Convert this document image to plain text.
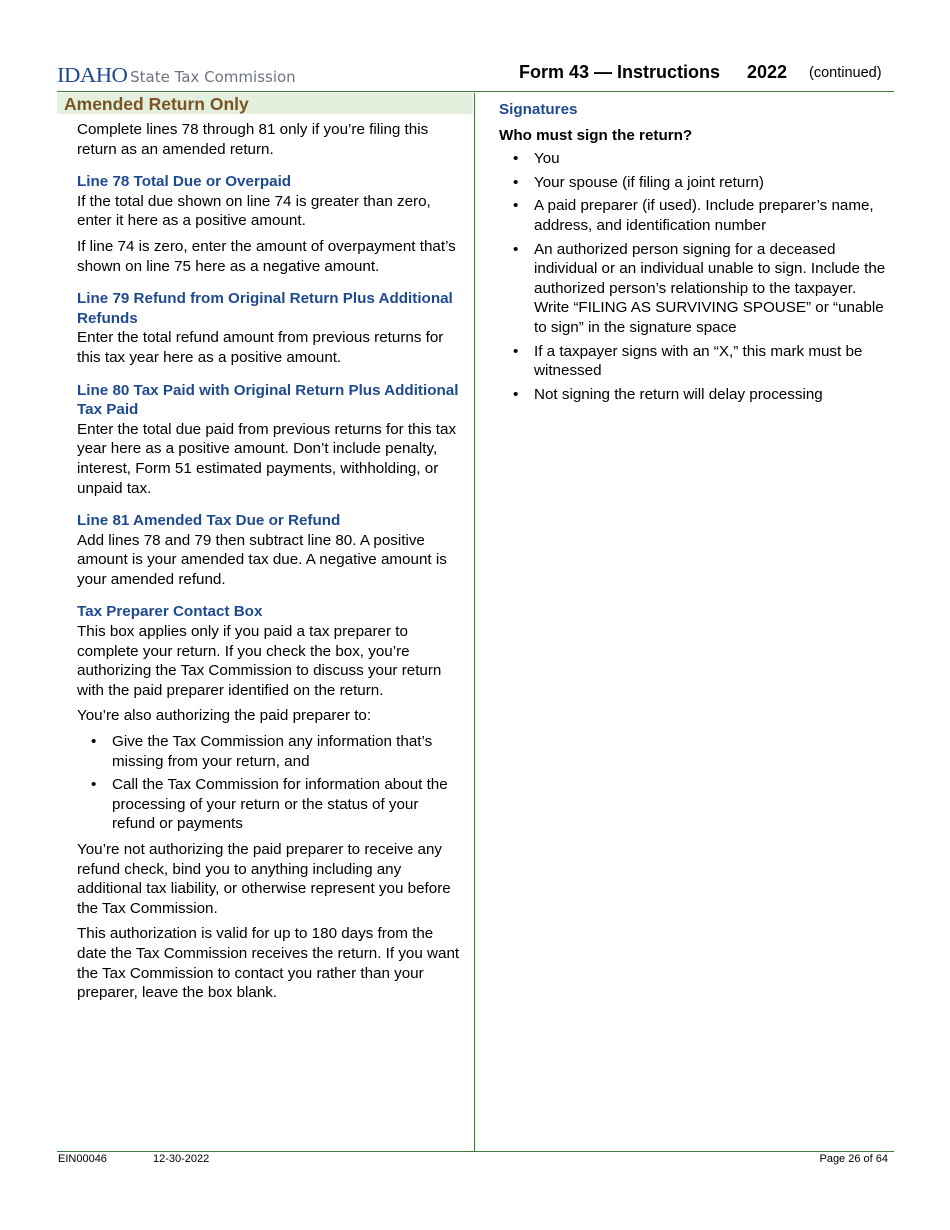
IDAHO State Tax Commission	Form 43 — Instructions 2022 (continued)
Amended Return Only

Complete lines 78 through 81 only if you’re filing this return as an amended return.

Line 78 Total Due or Overpaid

If the total due shown on line 74 is greater than zero, enter it here as a positive amount.

If line 74 is zero, enter the amount of overpayment that’s shown on line 75 here as a negative amount.

Line 79 Refund from Original Return Plus Additional Refunds

Enter the total refund amount from previous returns for this tax year here as a positive amount.

Line 80 Tax Paid with Original Return Plus Additional Tax Paid

Enter the total due paid from previous returns for this tax year here as a positive amount. Don’t include penalty, interest, Form 51 estimated payments, withholding, or unpaid tax.

Line 81 Amended Tax Due or Refund

Add lines 78 and 79 then subtract line 80. A positive amount is your amended tax due. A negative amount is your amended refund.

Tax Preparer Contact Box

This box applies only if you paid a tax preparer to complete your return. If you check the box, you’re authorizing the Tax Commission to discuss your return with the paid preparer identified on the return.

You’re also authorizing the paid preparer to:

• Give the Tax Commission any information that’s missing from your return, and
• Call the Tax Commission for information about the processing of your return or the status of your refund or payments

You’re not authorizing the paid preparer to receive any refund check, bind you to anything including any additional tax liability, or otherwise represent you before the Tax Commission.

This authorization is valid for up to 180 days from the date the Tax Commission receives the return. If you want the Tax Commission to contact you rather than your preparer, leave the box blank.

Signatures
Who must sign the return?
• You
• Your spouse (if filing a joint return)
• A paid preparer (if used). Include preparer’s name, address, and identification number
• An authorized person signing for a deceased individual or an individual unable to sign. Include the authorized person’s relationship to the taxpayer. Write “FILING AS SURVIVING SPOUSE” or “unable to sign” in the signature space
• If a taxpayer signs with an “X,” this mark must be witnessed
• Not signing the return will delay processing
EIN00046	12-30-2022	Page 26 of 64
